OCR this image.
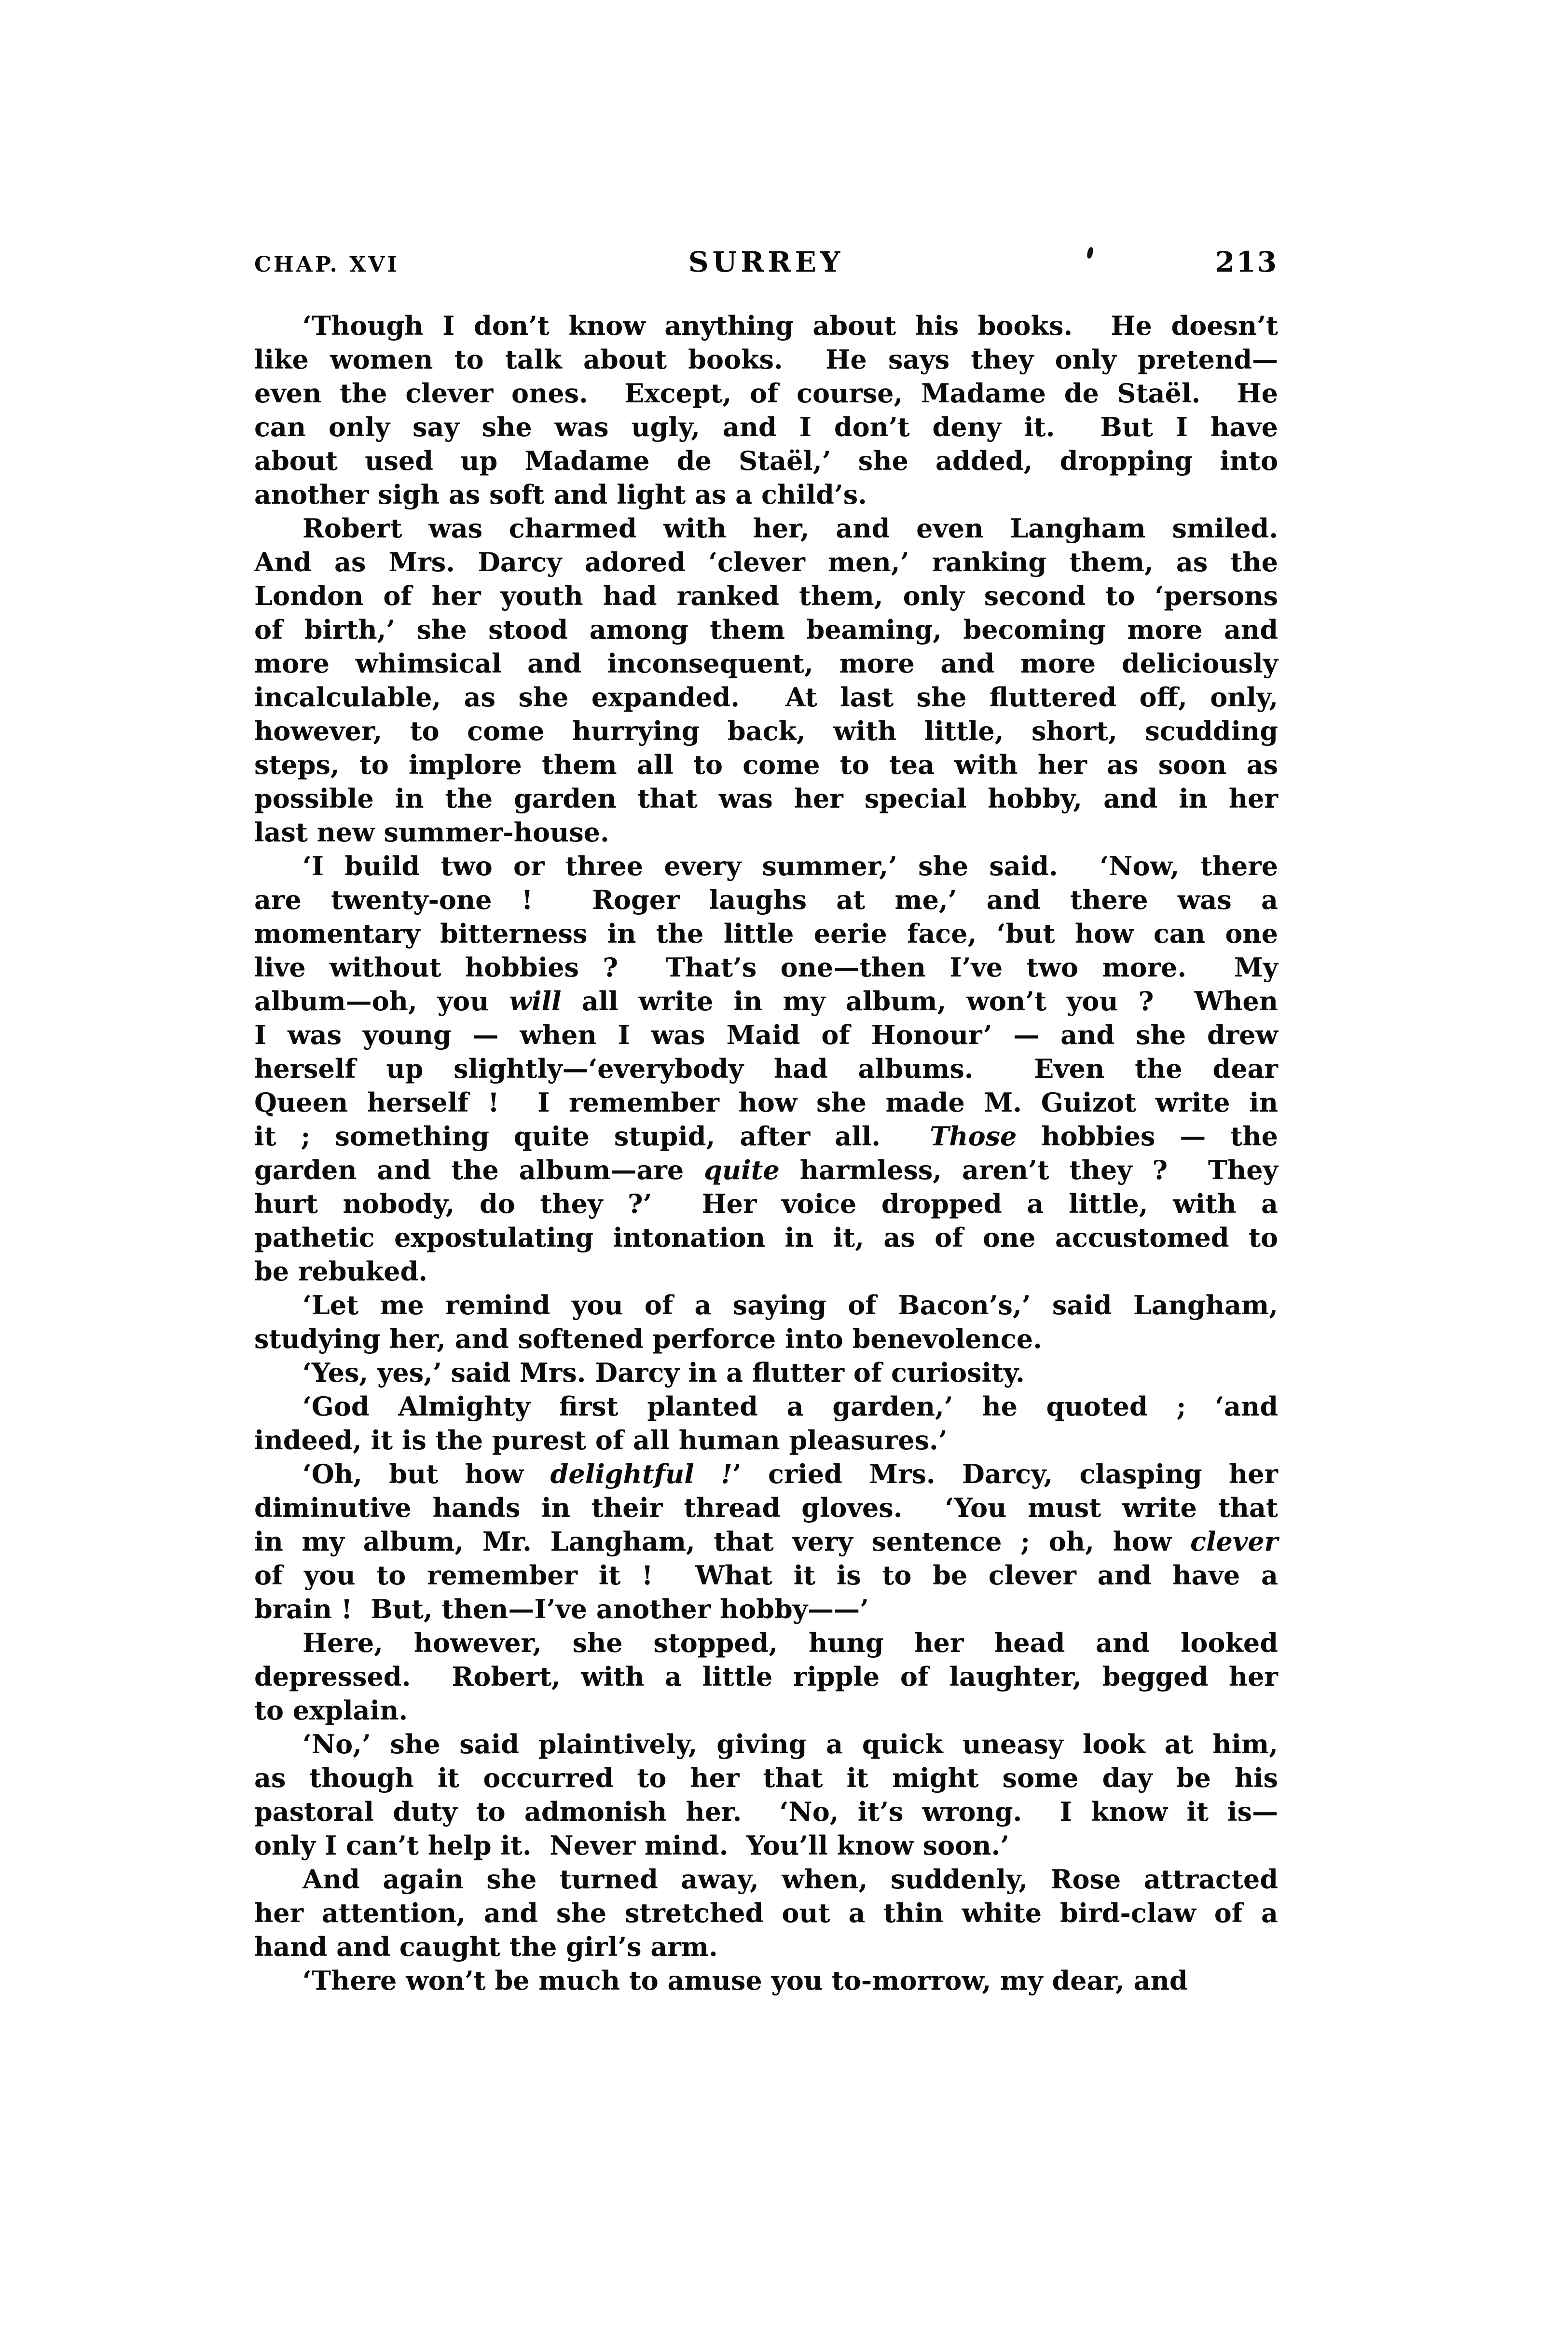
CHAP. XVI	SURREY	213

‘Though I don’t know anything about his books.  He doesn’t
like women to talk about books.  He says they only pretend—
even the clever ones.  Except, of course, Madame de Staël.  He
can only say she was ugly, and I don’t deny it.  But I have
about used up Madame de Staël,’ she added, dropping into
another sigh as soft and light as a child’s.

Robert was charmed with her, and even Langham smiled.
And as Mrs. Darcy adored ‘clever men,’ ranking them, as the
London of her youth had ranked them, only second to ‘persons
of birth,’ she stood among them beaming, becoming more and
more whimsical and inconsequent, more and more deliciously
incalculable, as she expanded.  At last she fluttered off, only,
however, to come hurrying back, with little, short, scudding
steps, to implore them all to come to tea with her as soon as
possible in the garden that was her special hobby, and in her
last new summer-house.

‘I build two or three every summer,’ she said.  ‘Now, there
are twenty-one !  Roger laughs at me,’ and there was a
momentary bitterness in the little eerie face, ‘but how can one
live without hobbies ?  That’s one—then I’ve two more.  My
album—oh, you will all write in my album, won’t you ?  When
I was young — when I was Maid of Honour’ — and she drew
herself up slightly—‘everybody had albums.  Even the dear
Queen herself !  I remember how she made M. Guizot write in
it ; something quite stupid, after all.  Those hobbies — the
garden and the album—are quite harmless, aren’t they ?  They
hurt nobody, do they ?’  Her voice dropped a little, with a
pathetic expostulating intonation in it, as of one accustomed to
be rebuked.

‘Let me remind you of a saying of Bacon’s,’ said Langham,
studying her, and softened perforce into benevolence.

‘Yes, yes,’ said Mrs. Darcy in a flutter of curiosity.

‘God Almighty first planted a garden,’ he quoted ; ‘and
indeed, it is the purest of all human pleasures.’

‘Oh, but how delightful !’ cried Mrs. Darcy, clasping her
diminutive hands in their thread gloves.  ‘You must write that
in my album, Mr. Langham, that very sentence ; oh, how clever
of you to remember it !  What it is to be clever and have a
brain !  But, then—I’ve another hobby——’

Here, however, she stopped, hung her head and looked
depressed.  Robert, with a little ripple of laughter, begged her
to explain.

‘No,’ she said plaintively, giving a quick uneasy look at him,
as though it occurred to her that it might some day be his
pastoral duty to admonish her.  ‘No, it’s wrong.  I know it is—
only I can’t help it.  Never mind.  You’ll know soon.’

And again she turned away, when, suddenly, Rose attracted
her attention, and she stretched out a thin white bird-claw of a
hand and caught the girl’s arm.

‘There won’t be much to amuse you to-morrow, my dear, and
